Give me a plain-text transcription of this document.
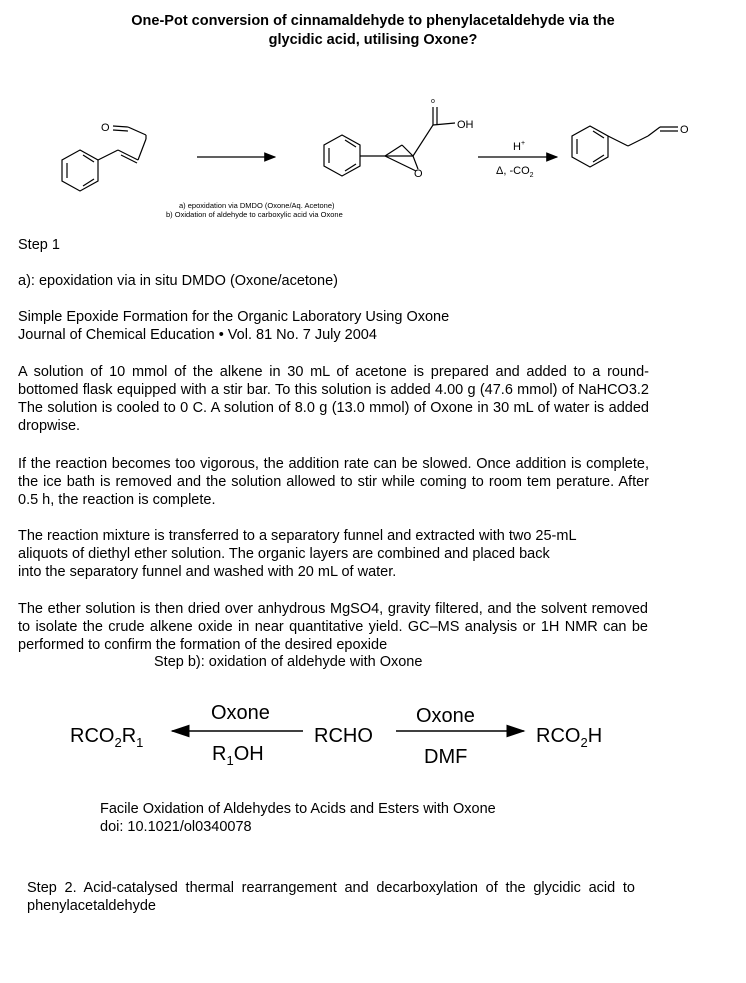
One-Pot conversion of cinnamaldehyde to phenylacetaldehyde via the
glycidic acid, utilising Oxone?
O
O
OH
o
O
H+
Δ, $-CO_2$
a) epoxidation via DMDO (Oxone/Aq. Acetone)
b) Oxidation of aldehyde to carboxylic acid via Oxone
Step 1
a): epoxidation via in situ DMDO (Oxone/acetone)
Simple Epoxide Formation for the Organic Laboratory Using Oxone
Journal of Chemical Education • Vol. 81 No. 7 July 2004
A solution of 10 mmol of the alkene in 30 mL of acetone is prepared and added to a round-bottomed flask equipped with a stir bar. To this solution is added 4.00 g (47.6 mmol) of NaHCO3.2 The solution is cooled to 0 C. A solution of 8.0 g (13.0 mmol) of Oxone in 30 mL of water is added dropwise.
If the reaction becomes too vigorous, the addition rate can be slowed. Once addition is complete, the ice bath is removed and the solution allowed to stir while coming to room tem perature. After 0.5 h, the reaction is complete.
The reaction mixture is transferred to a separatory funnel and extracted with two 25-mL
aliquots of diethyl ether solution. The organic layers are combined and placed back
into the separatory funnel and washed with 20 mL of water.
The ether solution is then dried over anhydrous MgSO4, gravity filtered, and the solvent removed to isolate the crude alkene oxide in near quantitative yield. GC–MS analysis or 1H NMR can be performed to confirm the formation of the desired epoxide
Step b): oxidation of aldehyde with Oxone
$RCO_2R_1$
Oxone
$R_1OH$
RCHO
Oxone
DMF
$RCO_2H$
Facile Oxidation of Aldehydes to Acids and Esters with Oxone
doi: 10.1021/ol0340078
Step 2. Acid-catalysed thermal rearrangement and decarboxylation of the glycidic acid to phenylacetaldehyde
